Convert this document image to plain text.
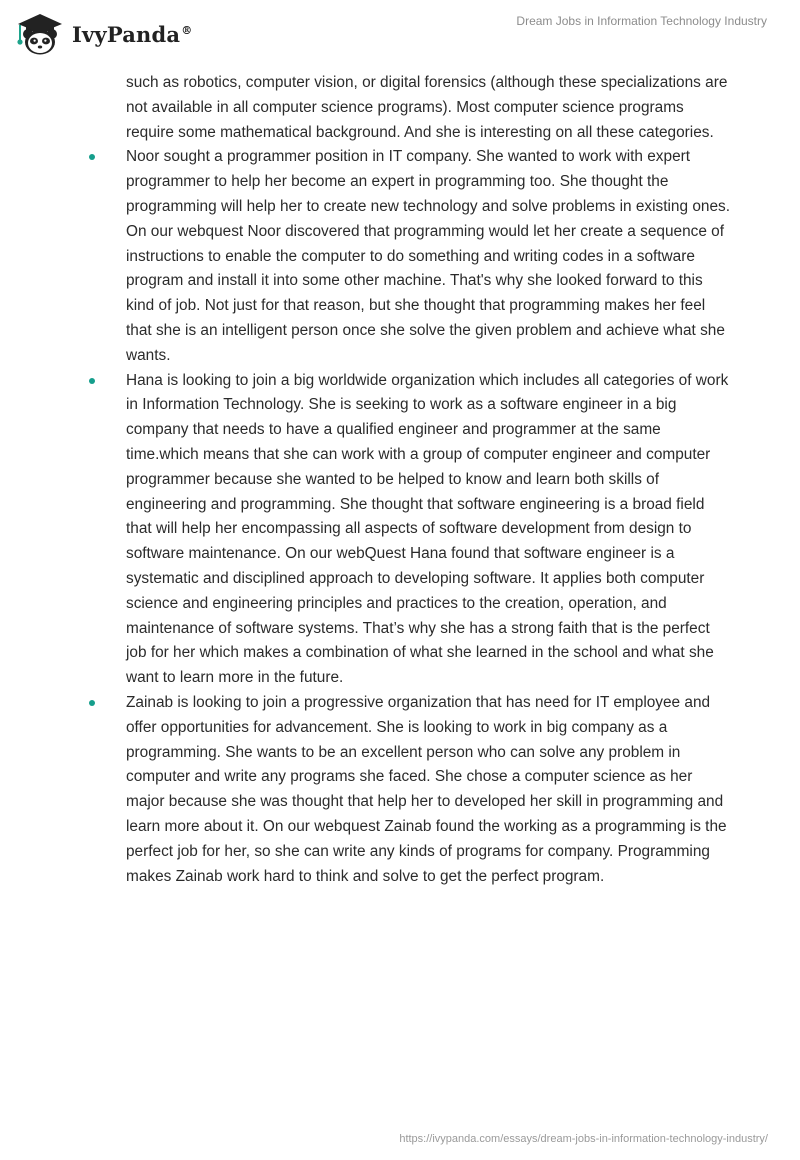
IvyPanda®
Dream Jobs in Information Technology Industry

such as robotics, computer vision, or digital forensics (although these specializations are not available in all computer science programs). Most computer science programs require some mathematical background. And she is interesting on all these categories.

Noor sought a programmer position in IT company. She wanted to work with expert programmer to help her become an expert in programming too. She thought the programming will help her to create new technology and solve problems in existing ones. On our webquest Noor discovered that programming would let her create a sequence of instructions to enable the computer to do something and writing codes in a software program and install it into some other machine. That's why she looked forward to this kind of job. Not just for that reason, but she thought that programming makes her feel that she is an intelligent person once she solve the given problem and achieve what she wants.
Hana is looking to join a big worldwide organization which includes all categories of work in Information Technology. She is seeking to work as a software engineer in a big company that needs to have a qualified engineer and programmer at the same time.which means that she can work with a group of computer engineer and computer programmer because she wanted to be helped to know and learn both skills of engineering and programming. She thought that software engineering is a broad field that will help her encompassing all aspects of software development from design to software maintenance. On our webQuest Hana found that software engineer is a systematic and disciplined approach to developing software. It applies both computer science and engineering principles and practices to the creation, operation, and maintenance of software systems. That’s why she has a strong faith that is the perfect job for her which makes a combination of what she learned in the school and what she want to learn more in the future.
Zainab is looking to join a progressive organization that has need for IT employee and offer opportunities for advancement. She is looking to work in big company as a programming. She wants to be an excellent person who can solve any problem in computer and write any programs she faced. She chose a computer science as her major because she was thought that help her to developed her skill in programming and learn more about it. On our webquest Zainab found the working as a programming is the perfect job for her, so she can write any kinds of programs for company. Programming makes Zainab work hard to think and solve to get the perfect program.
https://ivypanda.com/essays/dream-jobs-in-information-technology-industry/
